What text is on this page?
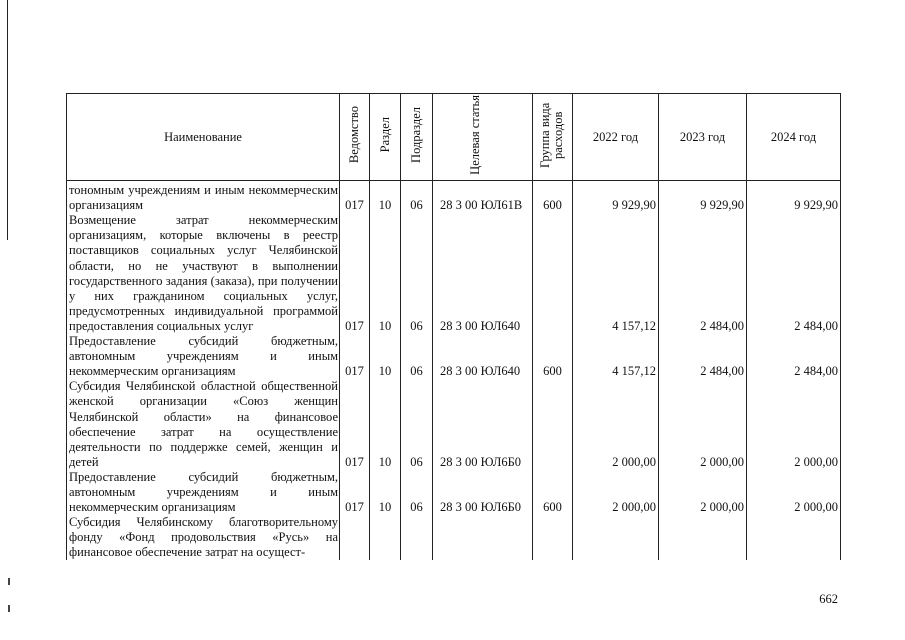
Наименование	Ведомство	Раздел	Подраздел	Целевая статья	Группа вида расходов	2022 год	2023 год	2024 год
тономным учреждениям и иным некоммерческим организациям	017	10	06	28 3 00 ЮЛ61В	600	9 929,90	9 929,90	9 929,90
Возмещение затрат некоммерческим организациям, которые включены в реестр поставщиков социальных услуг Челябинской области, но не участвуют в выполнении государственного задания (заказа), при получении у них гражданином социальных услуг, предусмотренных индивидуальной программой предоставления социальных услуг	017	10	06	28 3 00 ЮЛ640		4 157,12	2 484,00	2 484,00
Предоставление субсидий бюджетным, автономным учреждениям и иным некоммерческим организациям	017	10	06	28 3 00 ЮЛ640	600	4 157,12	2 484,00	2 484,00
Субсидия Челябинской областной общественной женской организации «Союз женщин Челябинской области» на финансовое обеспечение затрат на осуществление деятельности по поддержке семей, женщин и детей	017	10	06	28 3 00 ЮЛ6Б0		2 000,00	2 000,00	2 000,00
Предоставление субсидий бюджетным, автономным учреждениям и иным некоммерческим организациям	017	10	06	28 3 00 ЮЛ6Б0	600	2 000,00	2 000,00	2 000,00
Субсидия Челябинскому благотворительному фонду «Фонд продовольствия «Русь» на финансовое обеспечение затрат на осущест-								
662
